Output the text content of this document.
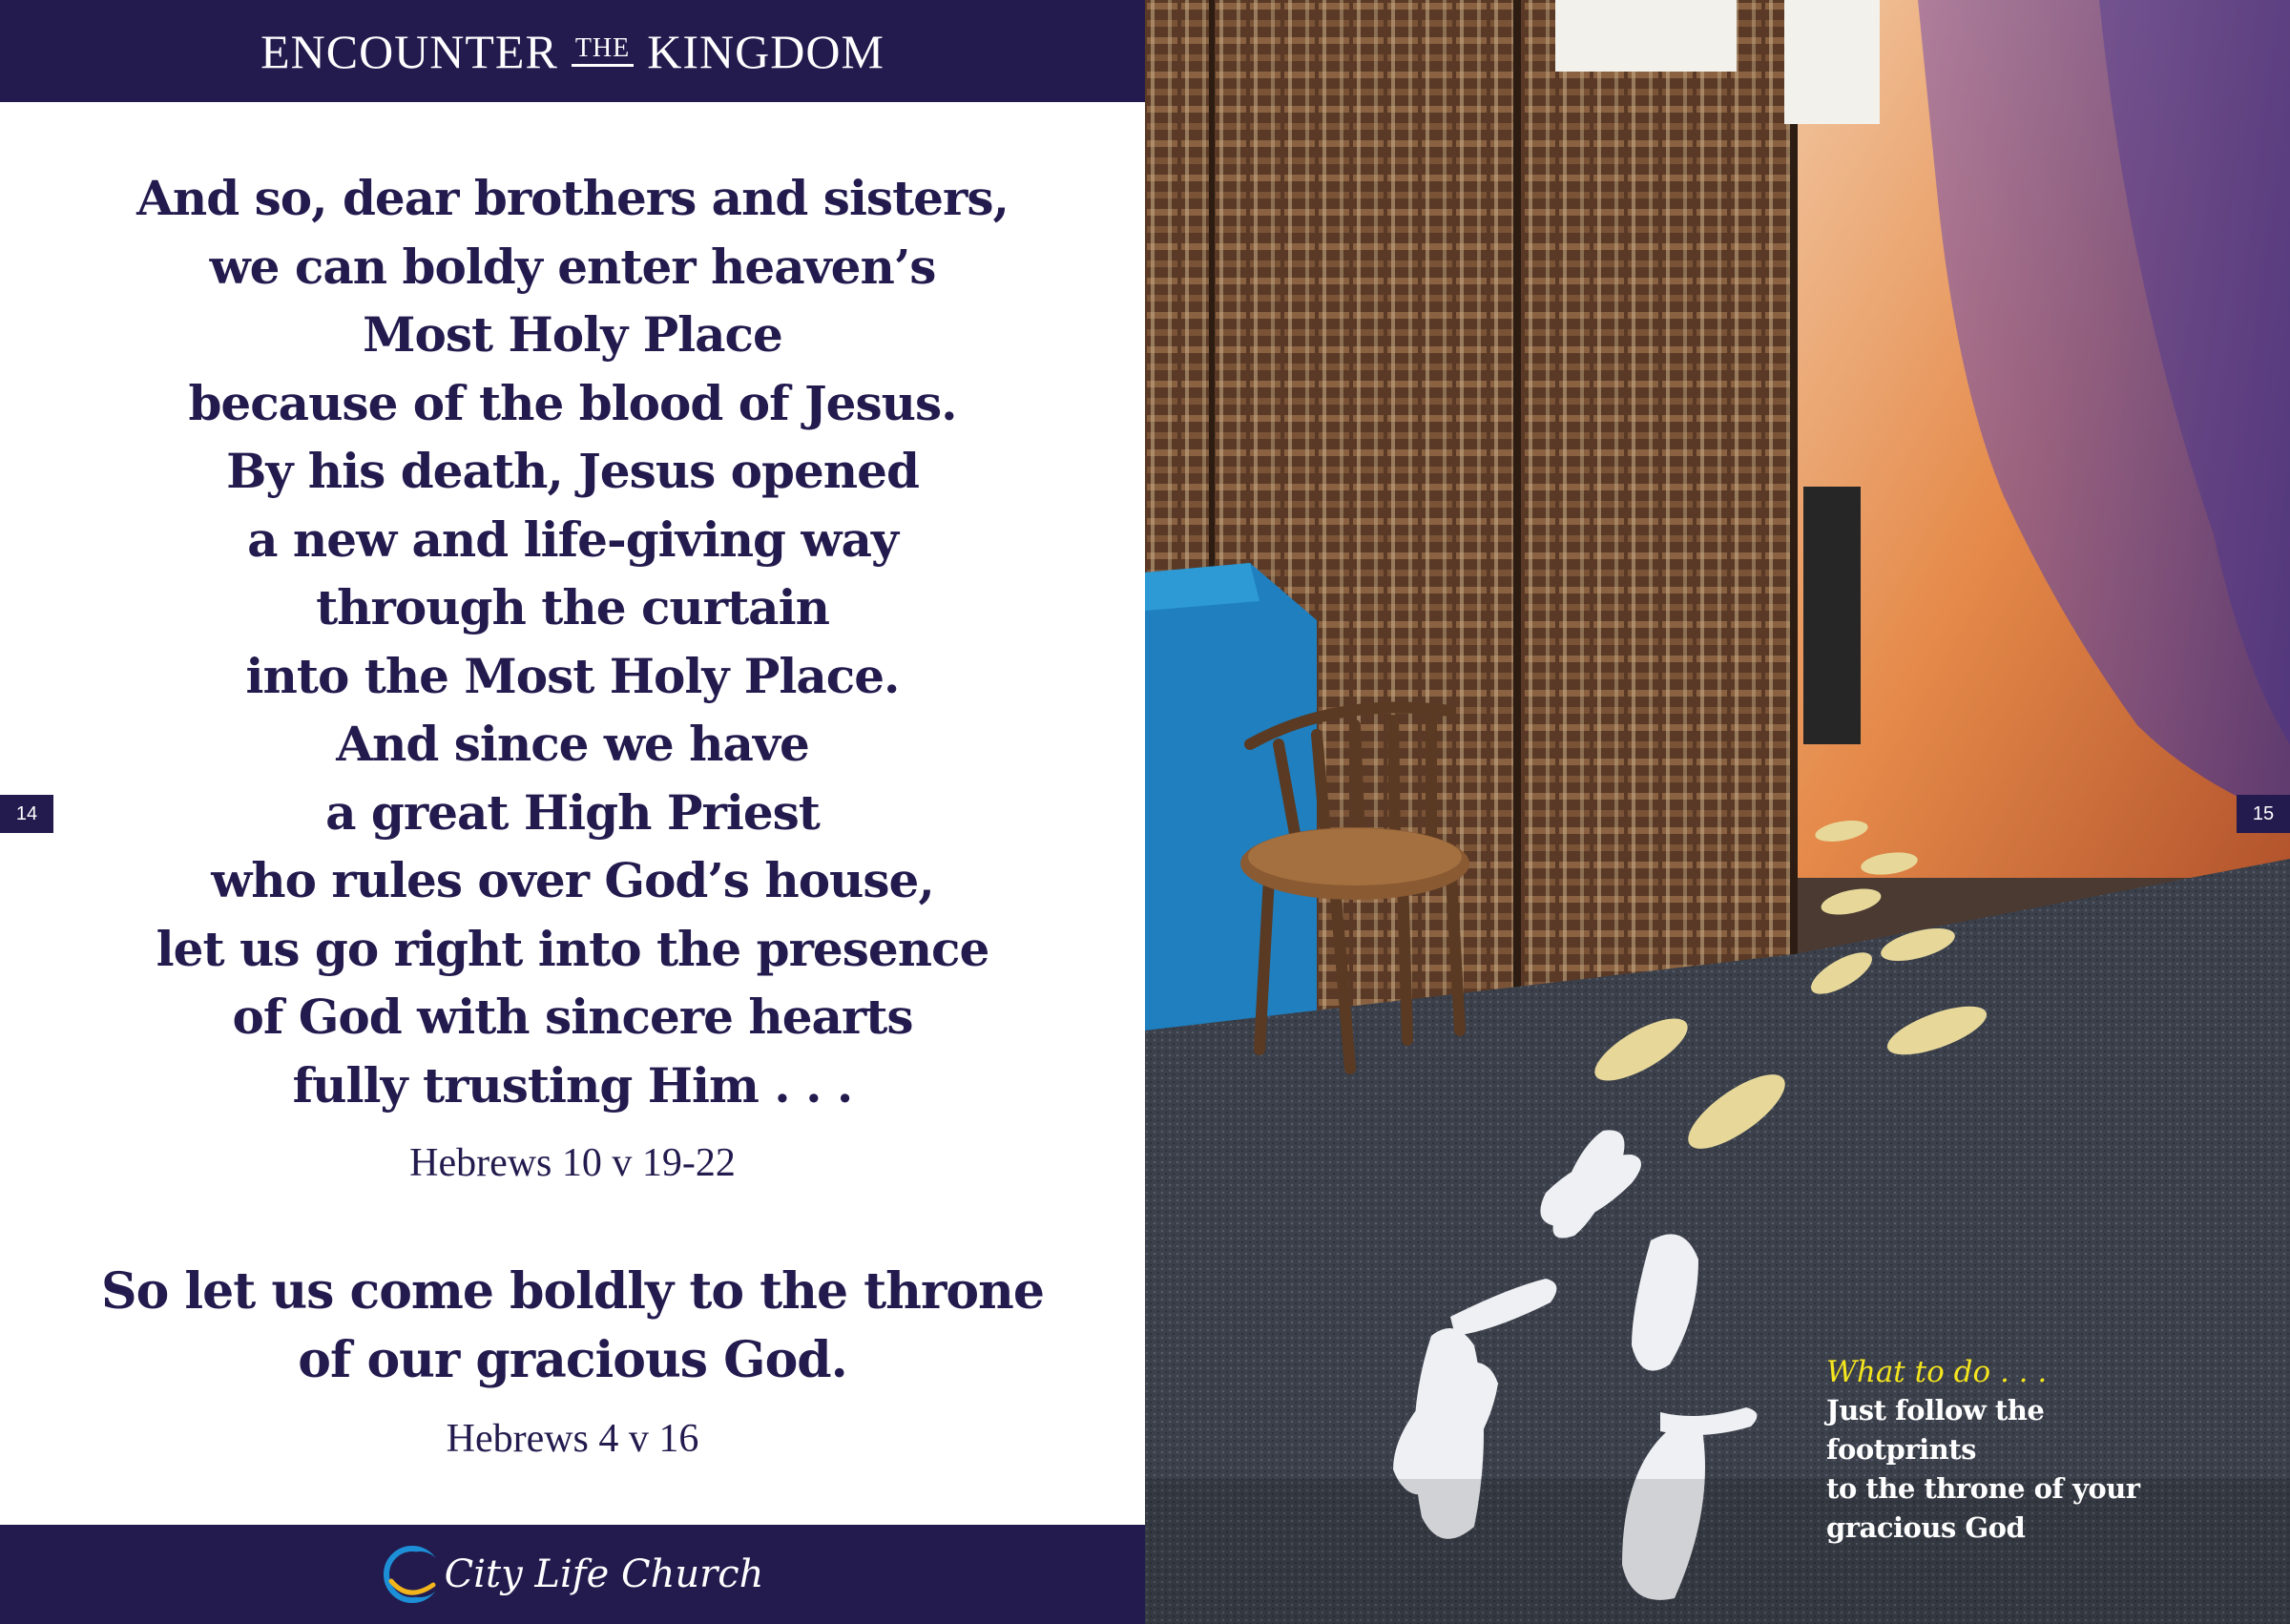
ENCOUNTER THE KINGDOM
And so, dear brothers and sisters,
we can boldy enter heaven’s
Most Holy Place
because of the blood of Jesus.
By his death, Jesus opened
a new and life-giving way
through the curtain
into the Most Holy Place.
And since we have
a great High Priest
who rules over God’s house,
let us go right into the presence
of God with sincere hearts
fully trusting Him . . .
Hebrews 10 v 19-22
So let us come boldly to the throne
of our gracious God.
Hebrews 4 v 16
14
City Life Church
15
What to do . . .
Just follow the footprints
to the throne of your
gracious God
